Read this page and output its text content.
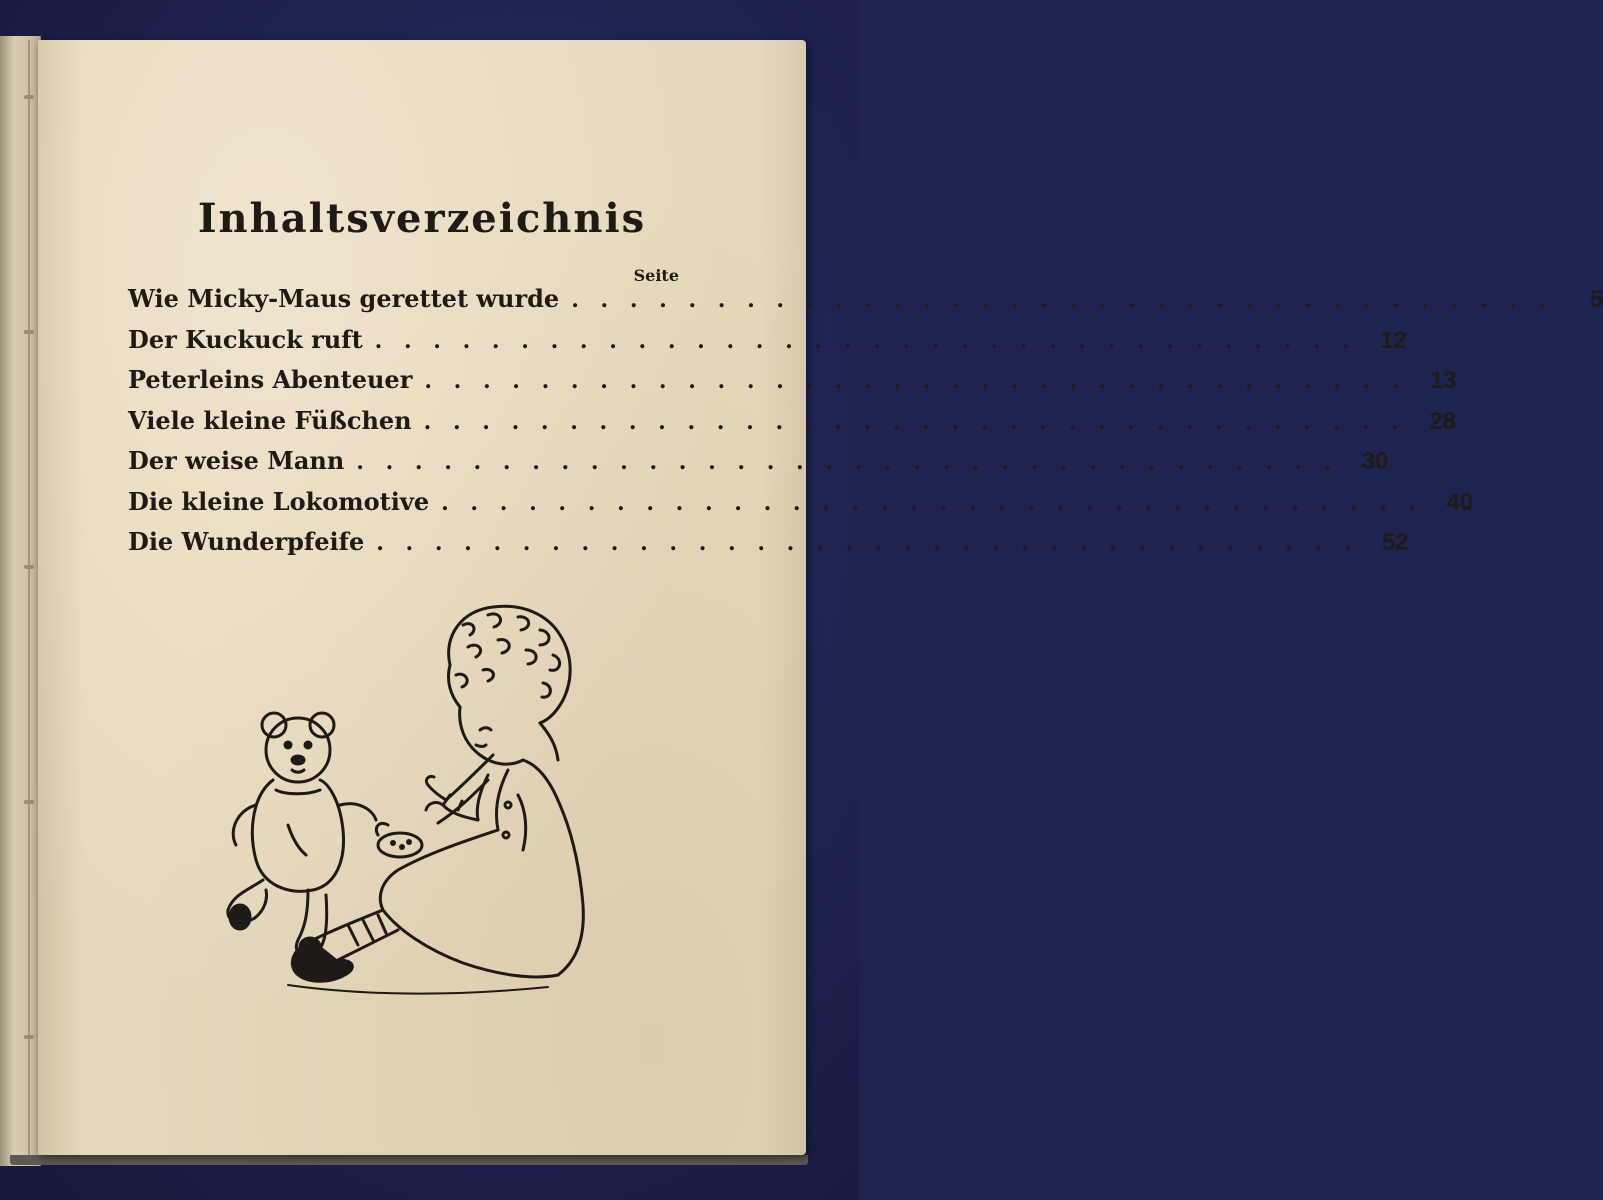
Inhaltsverzeichnis
Seite
Wie Micky-Maus gerettet wurde . . . . . . . . . . . . . . . . . . . . . . . . . . . . . . . . . .	5
Der Kuckuck ruft . . . . . . . . . . . . . . . . . . . . . . . . . . . . . . . . . . 12
Peterleins Abenteuer . . . . . . . . . . . . . . . . . . . . . . . . . . . . . . . . . . 13
Viele kleine Füßchen . . . . . . . . . . . . . . . . . . . . . . . . . . . . . . . . . . 28
Der weise Mann . . . . . . . . . . . . . . . . . . . . . . . . . . . . . . . . . . 30
Die kleine Lokomotive . . . . . . . . . . . . . . . . . . . . . . . . . . . . . . . . . . 40
Die Wunderpfeife . . . . . . . . . . . . . . . . . . . . . . . . . . . . . . . . . . 52
